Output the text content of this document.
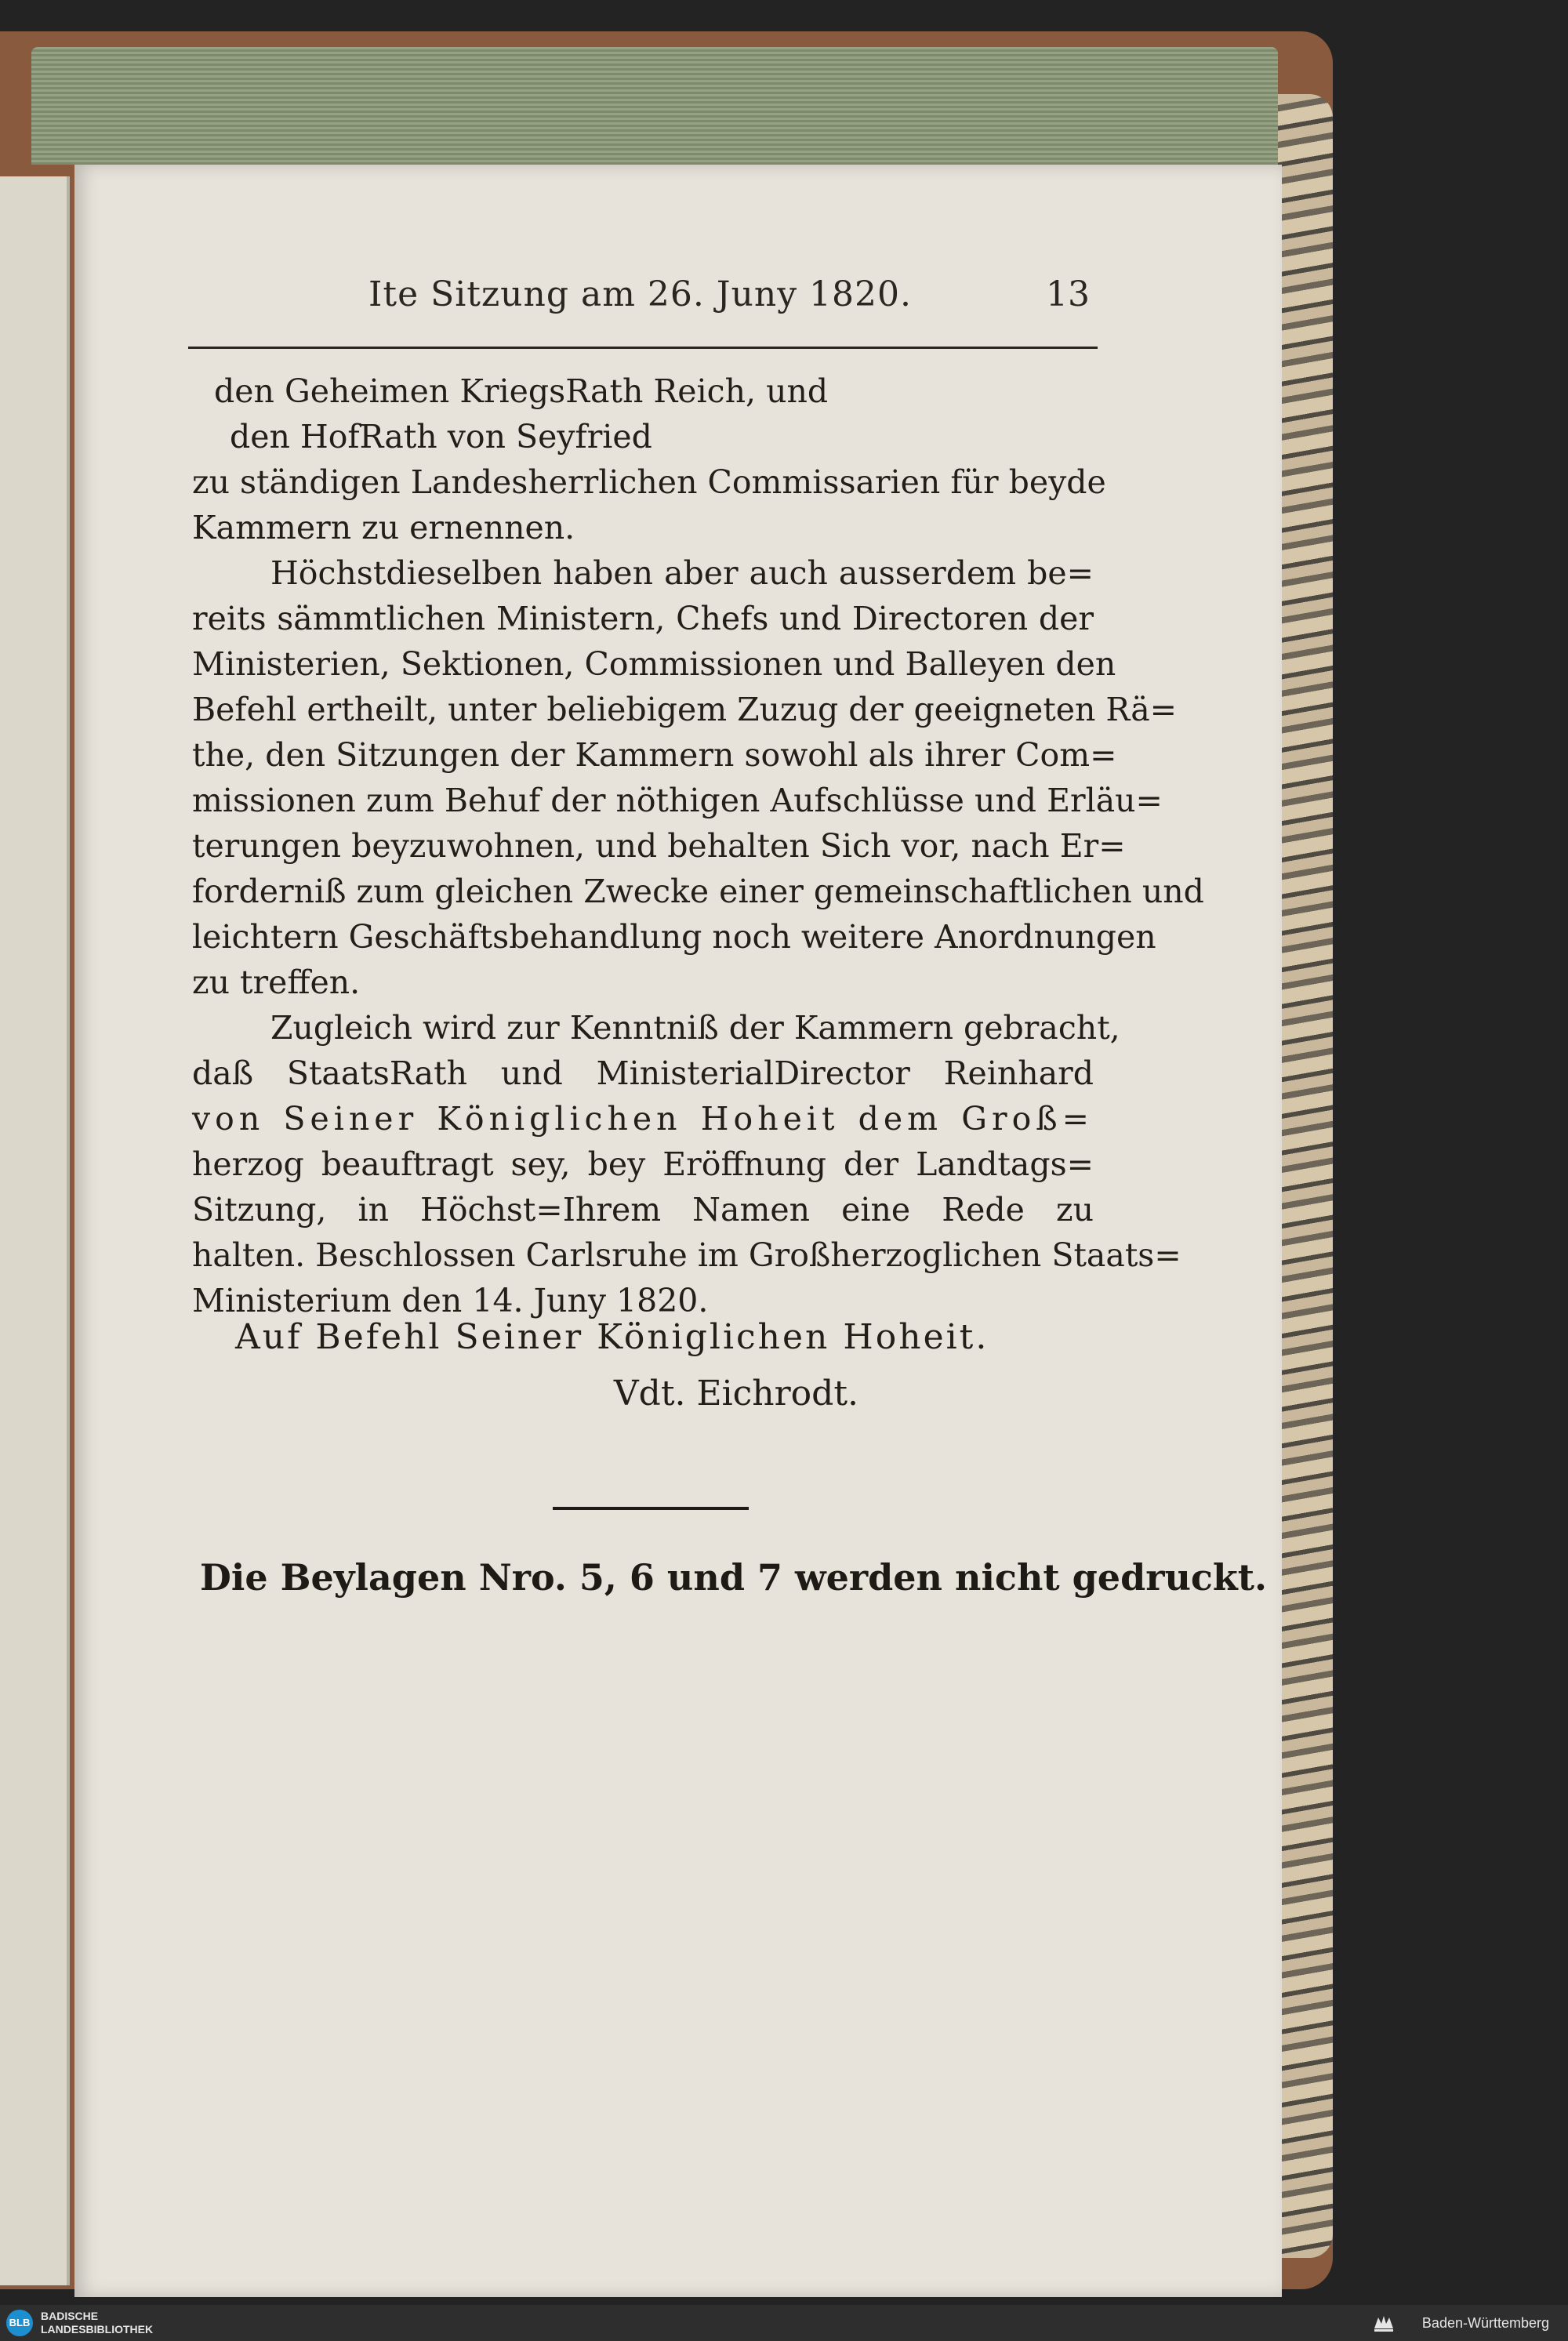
Ite Sitzung am 26. Juny 1820.	13
den Geheimen KriegsRath Reich, und
den HofRath von Seyfried
zu ständigen Landesherrlichen Commissarien für beyde
Kammern zu ernennen.
Höchstdieselben haben aber auch ausserdem be=
reits sämmtlichen Ministern, Chefs und Directoren der
Ministerien, Sektionen, Commissionen und Balleyen den
Befehl ertheilt, unter beliebigem Zuzug der geeigneten Rä=
the, den Sitzungen der Kammern sowohl als ihrer Com=
missionen zum Behuf der nöthigen Aufschlüsse und Erläu=
terungen beyzuwohnen, und behalten Sich vor, nach Er=
forderniß zum gleichen Zwecke einer gemeinschaftlichen und
leichtern Geschäftsbehandlung noch weitere Anordnungen
zu treffen.
Zugleich wird zur Kenntniß der Kammern gebracht,
daß StaatsRath und MinisterialDirector Reinhard
von Seiner Königlichen Hoheit dem Groß=
herzog beauftragt sey, bey Eröffnung der Landtags=
Sitzung, in Höchst=Ihrem Namen eine Rede zu
halten. Beschlossen Carlsruhe im Großherzoglichen Staats=
Ministerium den 14. Juny 1820.
Auf Befehl Seiner Königlichen Hoheit.
Vdt. Eichrodt.
Die Beylagen Nro. 5, 6 und 7 werden nicht gedruckt.
BLB
BADISCHE
LANDESBIBLIOTHEK	Baden-Württemberg
